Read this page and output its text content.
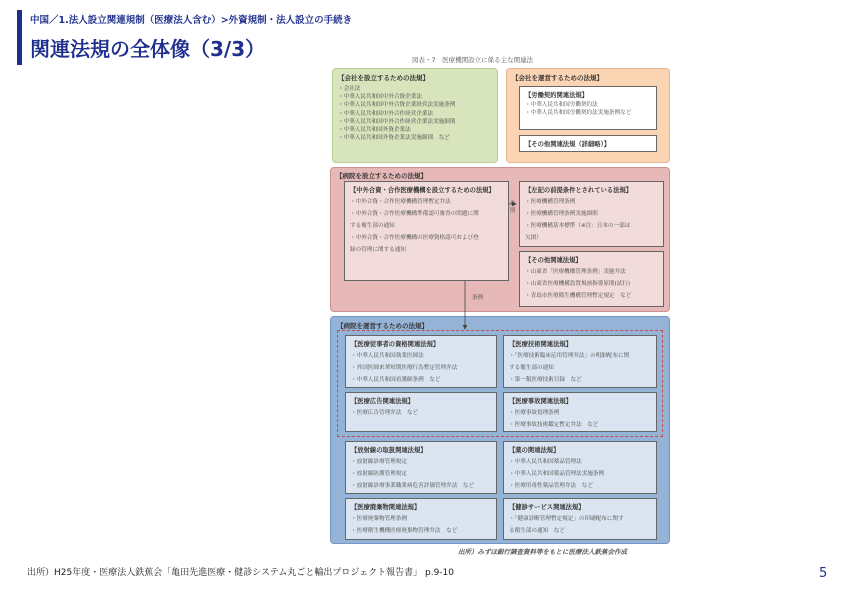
中国／1.法人設立関連規制（医療法人含む）>外資規制・法人設立の手続き
関連法規の全体像（3/3）	図表・7　医療機関設立に係る主な関連法
【会社を設立するための法規】
・会社法
・中華人民共和国中外合資企業法
・中華人民共和国中外合資企業経営法実施条例
・中華人民共和国中外合作経営企業法
・中華人民共和国中外合作経営企業法実施細則
・中華人民共和国外資企業法
・中華人民共和国外資企業法実施細則　など
【会社を運営するための法規】
【労働契約関連法規】
・中華人民共和国労働契約法
・中華人民共和国労働契約法実施条例など
【その他関連法規（詳細略）】
【病院を設立するための法規】
【中外合資・合作医療機構を設立するための法規】
・中外合資・合作医療機構管理暫定弁法
・中外合資・合作医療機構準備認可審査の問題に関
する衛生部の通知
・中外合資・合作医療機構の医療資格認可および登
録の管理に関する通知
【左記の前提条件とされている法規】
・医療機構管理条例
・医療機構管理条例実施細則
・医療機構基本標準（※注：日本の一部は
欠損）
【その他関連法規】
・山東省「医療機構管理条例」実施弁法
・山東省医療機構設置規画指導原則(試行)
・青島市医療衛生機構管理暫定規定　など
参照
条例
【病院を運営するための法規】
【医療従事者の資格関連法規】
・中華人民共和国執業医師法
・外国医師来華短期医療行為暫定管理弁法
・中華人民共和国看護師条例　など
【医療技術関連法規】
・「医療技術臨床応用管理弁法」の明細配布に関
する衛生部の通知
・第一類医療技術目録　など
【医療広告関連法規】
・医療広告管理弁法　など
【医療事故関連法規】
・医療事故処理条例
・医療事故技術鑑定暫定弁法　など
【放射線の取扱関連法規】
・放射線診療管理規定
・放射線防護管理規定
・放射線診療事業職業病危害評価管理弁法　など
【薬の関連法規】
・中華人民共和国薬品管理法
・中華人民共和国薬品管理法実施条例
・医療用毒性薬品管理弁法　など
【医療廃棄物関連法規】
・医療廃棄物管理条例
・医療衛生機構医療廃棄物管理弁法　など
【健診サービス関連法規】
・「健康診断管理暫定規定」の印刷配布に関す
る衛生部の通知　など
出所）みずほ銀行調査資料等をもとに医療法人鉄蕉会作成
出所）H25年度・医療法人鉄蕉会「亀田先進医療・健診システム丸ごと輸出プロジェクト報告書」 p.9-10	5
